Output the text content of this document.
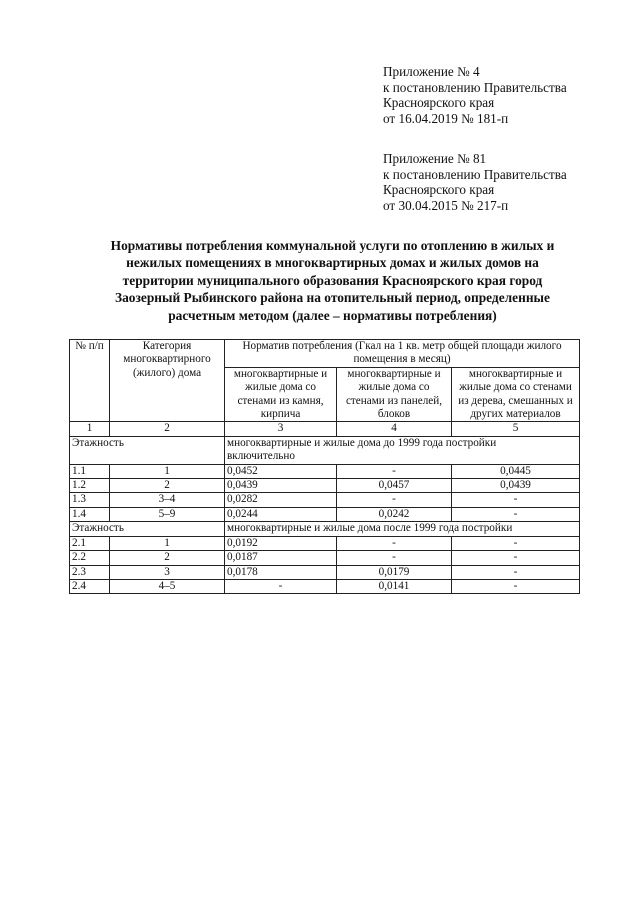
Приложение № 4
к постановлению Правительства
Красноярского края
от 16.04.2019 № 181-п
Приложение № 81
к постановлению Правительства
Красноярского края
от 30.04.2015 № 217-п
Нормативы потребления коммунальной услуги по отоплению в жилых и
нежилых помещениях в многоквартирных домах и жилых домов на
территории муниципального образования Красноярского края город
Заозерный Рыбинского района на отопительный период, определенные
расчетным методом (далее – нормативы потребления)
№ п/п	Категория многоквартирного (жилого) дома	Норматив потребления (Гкал на 1 кв. метр общей площади жилого помещения в месяц)		
		многоквартирные и жилые дома со стенами из камня, кирпича	многоквартирные и жилые дома со стенами из панелей, блоков	многоквартирные и жилые дома со стенами из дерева, смешанных и других материалов
1	2	3	4	5
Этажность		многоквартирные и жилые дома до 1999 года постройки
включительно		
1.1	1	0,0452	-	0,0445
1.2	2	0,0439	0,0457	0,0439
1.3	3–4	0,0282	-	-
1.4	5–9	0,0244	0,0242	-
Этажность		многоквартирные и жилые дома после 1999 года постройки		
2.1	1	0,0192	-	-
2.2	2	0,0187	-	-
2.3	3	0,0178	0,0179	-
2.4	4–5	-	0,0141	-
